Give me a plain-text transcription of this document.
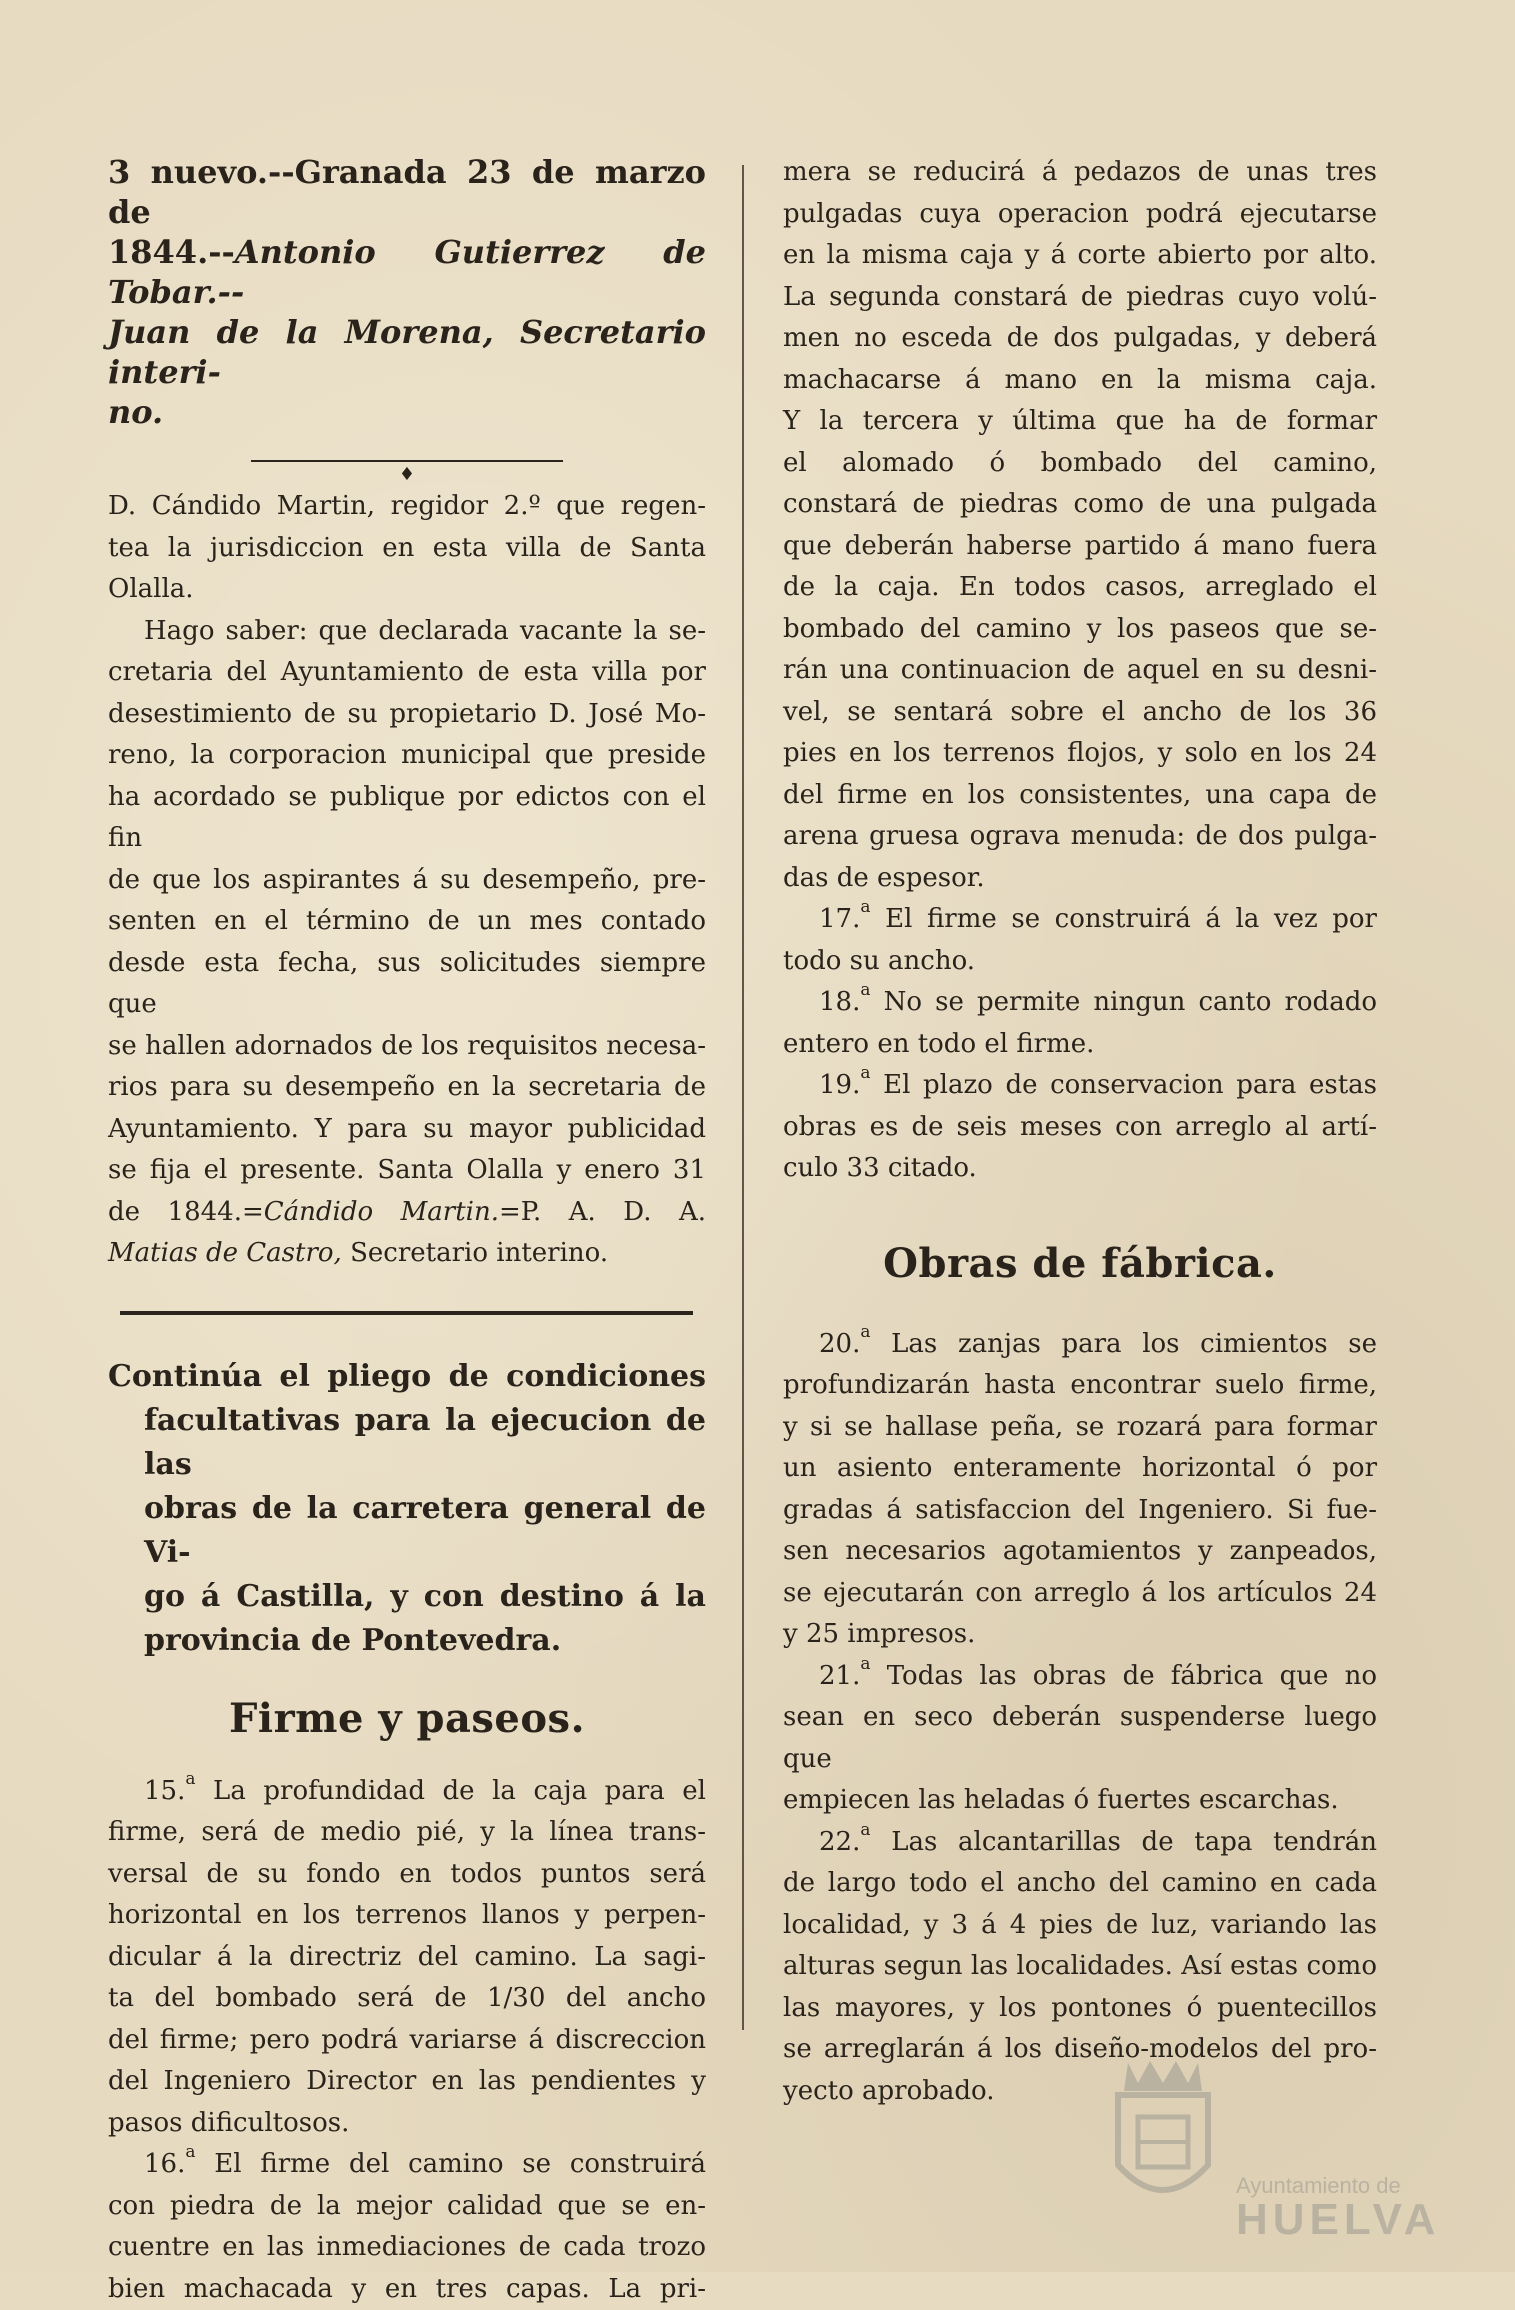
3 nuevo.--Granada 23 de marzo de
1844.--Antonio Gutierrez de Tobar.--
Juan de la Morena, Secretario interi-
no.
♦

D. Cándido Martin, regidor 2.º que regen-
tea la jurisdiccion en esta villa de Santa
Olalla.

Hago saber: que declarada vacante la se-
cretaria del Ayuntamiento de esta villa por
desestimiento de su propietario D. José Mo-
reno, la corporacion municipal que preside
ha acordado se publique por edictos con el fin
de que los aspirantes á su desempeño, pre-
senten en el término de un mes contado
desde esta fecha, sus solicitudes siempre que
se hallen adornados de los requisitos necesa-
rios para su desempeño en la secretaria de
Ayuntamiento. Y para su mayor publicidad
se fija el presente. Santa Olalla y enero 31
de 1844.=Cándido Martin.=P. A. D. A.
Matias de Castro, Secretario interino.

Continúa el pliego de condiciones
facultativas para la ejecucion de las
obras de la carretera general de Vi-
go á Castilla, y con destino á la
provincia de Pontevedra.
Firme y paseos.

15.$^a$ La profundidad de la caja para el
firme, será de medio pié, y la línea trans-
versal de su fondo en todos puntos será
horizontal en los terrenos llanos y perpen-
dicular á la directriz del camino. La sagi-
ta del bombado será de 1/30 del ancho
del firme; pero podrá variarse á discreccion
del Ingeniero Director en las pendientes y
pasos dificultosos.

16.$^a$ El firme del camino se construirá
con piedra de la mejor calidad que se en-
cuentre en las inmediaciones de cada trozo
bien machacada y en tres capas. La pri-

mera se reducirá á pedazos de unas tres
pulgadas cuya operacion podrá ejecutarse
en la misma caja y á corte abierto por alto.
La segunda constará de piedras cuyo volú-
men no esceda de dos pulgadas, y deberá
machacarse á mano en la misma caja.
Y la tercera y última que ha de formar
el alomado ó bombado del camino,
constará de piedras como de una pulgada
que deberán haberse partido á mano fuera
de la caja. En todos casos, arreglado el
bombado del camino y los paseos que se-
rán una continuacion de aquel en su desni-
vel, se sentará sobre el ancho de los 36
pies en los terrenos flojos, y solo en los 24
del firme en los consistentes, una capa de
arena gruesa ograva menuda: de dos pulga-
das de espesor.

17.$^a$ El firme se construirá á la vez por
todo su ancho.

18.$^a$ No se permite ningun canto rodado
entero en todo el firme.

19.$^a$ El plazo de conservacion para estas
obras es de seis meses con arreglo al artí-
culo 33 citado.

Obras de fábrica.

20.$^a$ Las zanjas para los cimientos se
profundizarán hasta encontrar suelo firme,
y si se hallase peña, se rozará para formar
un asiento enteramente horizontal ó por
gradas á satisfaccion del Ingeniero. Si fue-
sen necesarios agotamientos y zanpeados,
se ejecutarán con arreglo á los artículos 24
y 25 impresos.

21.$^a$ Todas las obras de fábrica que no
sean en seco deberán suspenderse luego que
empiecen las heladas ó fuertes escarchas.

22.$^a$ Las alcantarillas de tapa tendrán
de largo todo el ancho del camino en cada
localidad, y 3 á 4 pies de luz, variando las
alturas segun las localidades. Así estas como
las mayores, y los pontones ó puentecillos
se arreglarán á los diseño-modelos del pro-
yecto aprobado.

Ayuntamiento de
HUELVA
